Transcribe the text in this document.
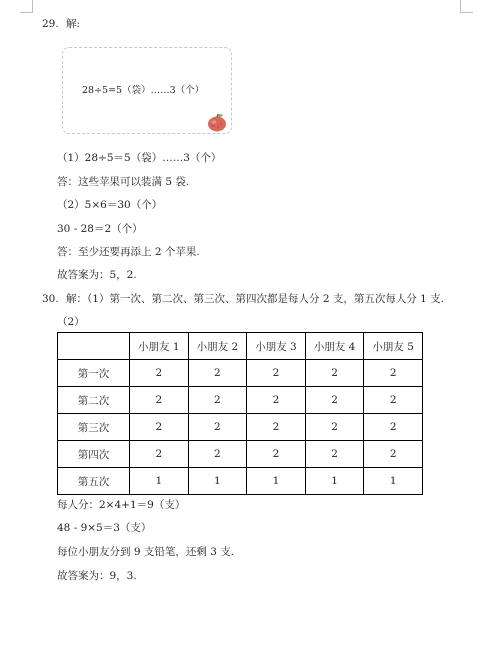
29. 解:
28÷5=5（袋）……3（个）
（1）28÷5＝5（袋）……3（个）
答：这些苹果可以装满 5 袋.
（2）5×6＝30（个）
30 - 28＝2（个）
答：至少还要再添上 2 个苹果.
故答案为：5，2.
30. 解：（1）第一次、第二次、第三次、第四次都是每人分 2 支，第五次每人分 1 支.
（2）
	小朋友 1	小朋友 2	小朋友 3	小朋友 4	小朋友 5
第一次	2	2	2	2	2
第二次	2	2	2	2	2
第三次	2	2	2	2	2
第四次	2	2	2	2	2
第五次	1	1	1	1	1
每人分：2×4+1＝9（支）
48 - 9×5＝3（支）
每位小朋友分到 9 支铅笔，还剩 3 支.
故答案为：9，3.
